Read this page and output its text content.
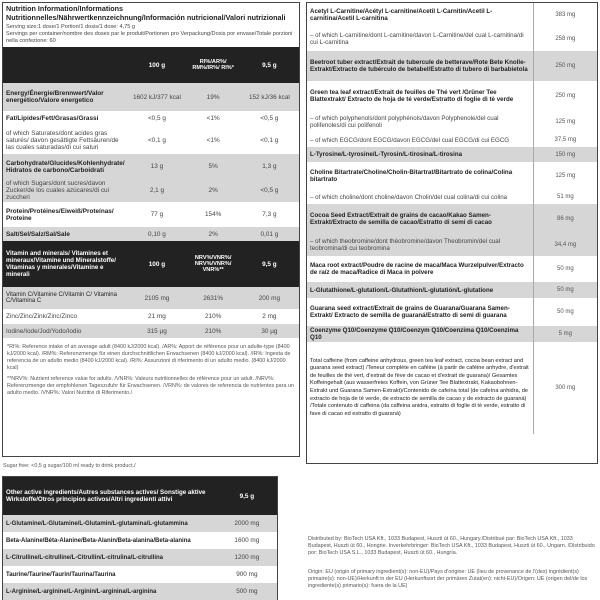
Nutrition Information/Informations Nutritionnelles/Nährwertkennzeichnung/Información nutricional/Valori nutrizionali
Serving size:1 dose/1 Portion/1 dosis/1 dose: 4,75 g
Servings per container/nombre des doses par le produit/Portionen pro Verpackung/Dosis por envase/Totale porzioni nella confezione: 60
	100 g	RI%/AR%/ RM%/IR%/ RI%*	9,5 g
Energy/Énergie/Brennwert/Valor energético/Valore energetico	1602 kJ/377 kcal	19%	152 kJ/36 kcal
Fat/Lipides/Fett/Grasas/Grassi	<0,5 g	<1%	<0,5 g
of which Saturates/dont acides gras saturés/ davon gesättigte Fettsäuren/de las cuales saturadas/di cui saturi	<0,1 g	<1%	<0,1 g
Carbohydrate/Glucides/Kohlenhydrate/ Hidratos de carbono/Carboidrati	13 g	5%	1,3 g
of which Sugars/dont sucres/davon Zucker/de los cuales azúcares/di cui zuccheri	2,1 g	2%	<0,5 g
Protein/Protéines/Eiweiß/Proteínas/ Proteine	77 g	154%	7,3 g
Salt/Sel/Salz/Sal/Sale	0,10 g	2%	0,01 g
Vitamin and minerals/ Vitamines et mineraux/Vitamine und Mineralstoffe/ Vitaminas y minerales/Vitamine e minerali	100 g	NRV%/VNR%/ NRV%/VNR%/ VNR%**	9,5 g
Vitamin C/Vitamine C/Vitamin C/ Vitamina C/Vitamina C	2105 mg	2631%	200 mg
Zinc/Zinc/Zink/Zinc/Zinco	21 mg	210%	2 mg
Iodine/Iode/Jod/Yodo/Iodio	315 µg	210%	30 µg
*RI%: Reference intake of an average adult (8400 kJ/2000 kcal). /AR%: Apport de référence pour un adulte-type (8400 kJ/2000 kcal). /RM%: Referenzmenge für einen durchschnittlichen Erwachsenen (8400 kJ/2000 kcal). /IR%: Ingesta de referencia de un adulto medio (8400 kJ/2000 kcal). /RI%: Assunzioni di riferimento di un adulto medio. (8400 kJ/2000 kcal)
**NRV%: Nutrient reference value for adults. /VNR%: Valeurs nutritionnelles de référence pour un adult. /NRV%: Referenzmenge der empfohlenen Tageszufuhr für Erwachsenen. /VRN%: de valores de referencia de nutrientes para un adulto medio. /VNR%: Valori Nutritivi di Riferimento./
Sugar free: <0,5 g sugar/100 ml ready to drink product./
Other active ingredients/Autres substances actives/ Sonstige aktive Wirkstoffe/Otros principios activos/Altri ingredienti attivi	9,5 g
L-Glutamine/L-Glutamine/L-Glutamin/L-glutamina/L-glutammina	2000 mg
Beta-Alanine/Béta-Alanine/Beta-Alanin/Beta-alanina/Beta-alanina	1600 mg
L-Citrulline/L-citrulline/L-Citrullin/L-citrulina/L-citrullina	1200 mg
Taurine/Taurine/Taurin/Taurina/Taurina	900 mg
L-Arginine/L-arginine/L-Arginin/L-arginina/L-arginina	500 mg
Acetyl L-Carnitine/Acétyl L-carnitine/Acetil L-Carnitin/Acetil L-carnitina/Acetil L-carnitina	383 mg
– of which L-carnitine/dont L-carnitine/davon L-Carnitine/del cual L-carnitina/di cui L-carnitina	258 mg
Beetroot tuber extract/Extrait de tubercule de betterave/Rote Bete Knolle-Extrakt/Extracto de tubérculo de betabel/Estratto di tubero di barbabietola	250 mg
Green tea leaf extract/Extrait de feuilles de Thé vert /Grüner Tee Blattextrakt/ Extracto de hoja de té verde/Estratto di foglie di tè verde	250 mg
– of which polyphenols/dont polyphénols/davon Polyphenole/del cual polifenoles/di cui polifenoli	125 mg
– of which EGCG/dont EGCG/davon EGCG/del cual EGCG/di cui EGCG	37,5 mg
L-Tyrosine/L-tyrosine/L-Tyrosin/L-tirosina/L-tirosina	150 mg
Choline Bitartrate/Choline/Cholin-Bitartrat/Bitartrato de colina/Colina bitartrato	125 mg
– of which choline/dont choline/davon Cholin/del cual colina/di cui colina	51 mg
Cocoa Seed Extract/Extrait de grains de cacao/Kakao Samen-Extrakt/Extracto de semilla de cacao/Estratto di semi di cacao	86 mg
– of which theobromine/dont théobromine/davon Theobromin/del cual teobromina/di cui teobromina	34,4 mg
Maca root extract/Poudre de racine de maca/Maca Wurzelpulver/Extracto de raíz de maca/Radice di Maca in polvere	50 mg
L-Glutathione/L-glutation/L-Glutathion/L-glutatión/L-glutatione	50 mg
Guarana seed extract/Extrait de grains de Guarana/Guarana Samen-Extrakt/ Extracto de semilla de guaraná/Estratto di semi di guarana	50 mg
Coenzyme Q10/Coenzyme Q10/Coenzym Q10/Coenzima Q10/Coenzima Q10	5 mg
Total caffeine (from caffeine anhydrous, green tea leaf extract, cocoa bean extract and guarana seed extract) /Teneur complète en caféine (à partir de caféine anhydre, d'extrait de feuilles de thé vert, d'extrait de fève de cacao et d'extrait de guarana)/ Gesamtes Koffeingehalt (aus wasserfreies Koffein, von Grüner Tee Blattextrakt, Kakaobohnen-Extrakt und Guarana Samen-Extrakt)/Contenido de cafeína total (de cafeína anhidra, de extracto de hoja de té verde, de extracto de semilla de cacao y de extracto de guaraná) /Totale contenuto di caffeina (da caffeina anidra, estratto di foglie di tè verde, estratto di fave di cacao ed estratto di guaranà)	300 mg
Distributed by: BioTech USA Kft., 1033 Budapest, Huszti út 60., Hungary./Distribué par: BioTech USA Kft., 1033 Budapest, Huszti út 60., Hongrie. Inverkehrbringer: BioTech USA Kft., 1033 Budapest, Huszti út 60., Ungarn. /Distribuido por: BioTech USA S.L., 1033 Budapest, Huszti út 60., Hungría.
Origin: EU (origin of primary ingredient(s): non-EU)/Pays d'origine: UE (lieu de provenance de l'(des) ingrédient(s) primaire(s): non-UE)/Herkunft in der EU (Herkunftsort der primären Zutat(en): nicht-EU)/Origen: UE (origen del/de los ingrediente(s) primario(s): fuera de la UE)
